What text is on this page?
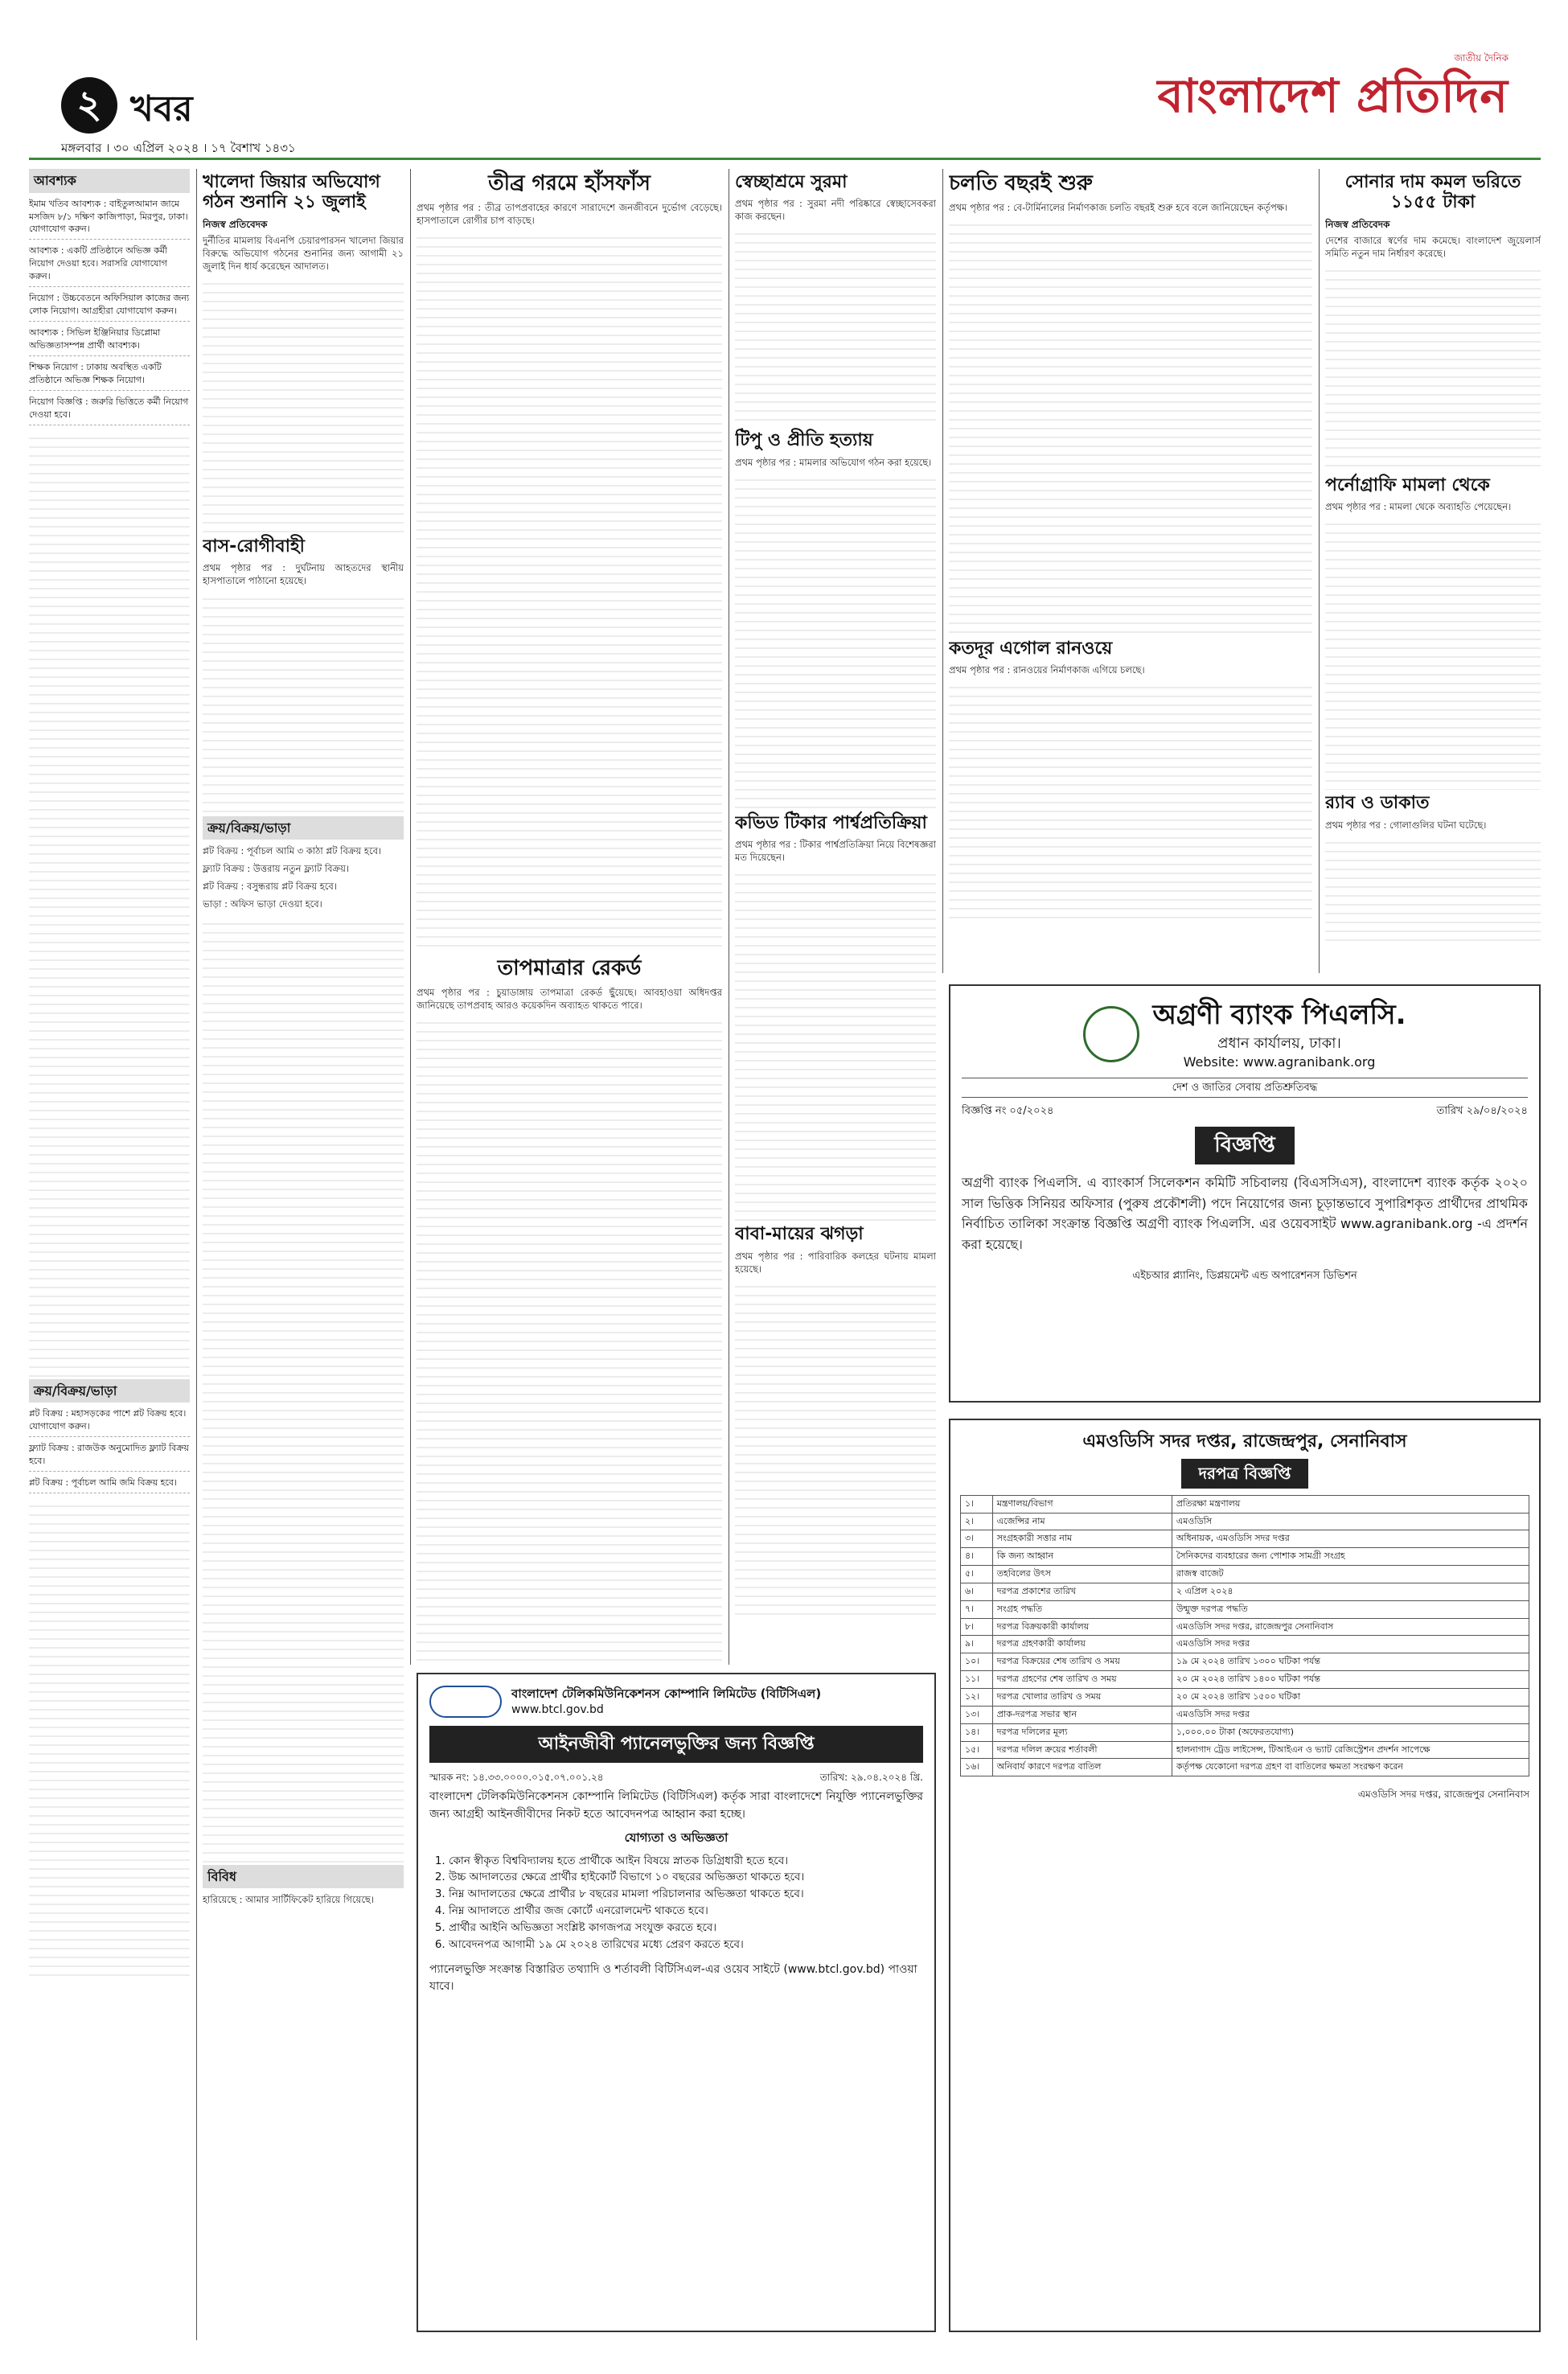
২ খবর
মঙ্গলবার । ৩০ এপ্রিল ২০২৪ । ১৭ বৈশাখ ১৪৩১
জাতীয় দৈনিক
বাংলাদেশ প্রতিদিন
আবশ্যক

ইমাম খতিব আবশ্যক : বাইতুলআমান জামে মসজিদ ৮/১ দক্ষিণ কাজিপাড়া, মিরপুর, ঢাকা। যোগাযোগ করুন।

আবশ্যক : একটি প্রতিষ্ঠানে অভিজ্ঞ কর্মী নিয়োগ দেওয়া হবে। সরাসরি যোগাযোগ করুন।

নিয়োগ : উচ্চবেতনে অফিসিয়াল কাজের জন্য লোক নিয়োগ। আগ্রহীরা যোগাযোগ করুন।

আবশ্যক : সিভিল ইঞ্জিনিয়ার ডিপ্লোমা অভিজ্ঞতাসম্পন্ন প্রার্থী আবশ্যক।

শিক্ষক নিয়োগ : ঢাকায় অবস্থিত একটি প্রতিষ্ঠানে অভিজ্ঞ শিক্ষক নিয়োগ।

নিয়োগ বিজ্ঞপ্তি : জরুরি ভিত্তিতে কর্মী নিয়োগ দেওয়া হবে।

ক্রয়/বিক্রয়/ভাড়া

প্লট বিক্রয় : মহাসড়কের পাশে প্লট বিক্রয় হবে। যোগাযোগ করুন।

ফ্ল্যাট বিক্রয় : রাজউক অনুমোদিত ফ্ল্যাট বিক্রয় হবে।

প্লট বিক্রয় : পূর্বাচল আমি জমি বিক্রয় হবে।

খালেদা জিয়ার অভিযোগ গঠন শুনানি ২১ জুলাই
নিজস্ব প্রতিবেদক
দুর্নীতির মামলায় বিএনপি চেয়ারপারসন খালেদা জিয়ার বিরুদ্ধে অভিযোগ গঠনের শুনানির জন্য আগামী ২১ জুলাই দিন ধার্য করেছেন আদালত।
বাস-রোগীবাহী
প্রথম পৃষ্ঠার পর : দুর্ঘটনায় আহতদের স্থানীয় হাসপাতালে পাঠানো হয়েছে।
ক্রয়/বিক্রয়/ভাড়া

প্লট বিক্রয় : পূর্বাচল আমি ৩ কাঠা প্লট বিক্রয় হবে।

ফ্ল্যাট বিক্রয় : উত্তরায় নতুন ফ্ল্যাট বিক্রয়।

প্লট বিক্রয় : বসুন্ধরায় প্লট বিক্রয় হবে।

ভাড়া : অফিস ভাড়া দেওয়া হবে।

বিবিধ

হারিয়েছে : আমার সার্টিফিকেট হারিয়ে গিয়েছে।

তীব্র গরমে হাঁসফাঁস
প্রথম পৃষ্ঠার পর : তীব্র তাপপ্রবাহের কারণে সারাদেশে জনজীবনে দুর্ভোগ বেড়েছে। হাসপাতালে রোগীর চাপ বাড়ছে।
তাপমাত্রার রেকর্ড
প্রথম পৃষ্ঠার পর : চুয়াডাঙ্গায় তাপমাত্রা রেকর্ড ছুঁয়েছে। আবহাওয়া অধিদপ্তর জানিয়েছে তাপপ্রবাহ আরও কয়েকদিন অব্যাহত থাকতে পারে।
স্বেচ্ছাশ্রমে সুরমা
প্রথম পৃষ্ঠার পর : সুরমা নদী পরিষ্কারে স্বেচ্ছাসেবকরা কাজ করছেন।
টিপু ও প্রীতি হত্যায়
প্রথম পৃষ্ঠার পর : মামলার অভিযোগ গঠন করা হয়েছে।
কভিড টিকার পার্শ্বপ্রতিক্রিয়া
প্রথম পৃষ্ঠার পর : টিকার পার্শ্বপ্রতিক্রিয়া নিয়ে বিশেষজ্ঞরা মত দিয়েছেন।
বাবা-মায়ের ঝগড়া
প্রথম পৃষ্ঠার পর : পারিবারিক কলহের ঘটনায় মামলা হয়েছে।
চলতি বছরই শুরু
প্রথম পৃষ্ঠার পর : বে-টার্মিনালের নির্মাণকাজ চলতি বছরই শুরু হবে বলে জানিয়েছেন কর্তৃপক্ষ।
কতদূর এগোল রানওয়ে
প্রথম পৃষ্ঠার পর : রানওয়ের নির্মাণকাজ এগিয়ে চলছে।
সোনার দাম কমল ভরিতে ১১৫৫ টাকা
নিজস্ব প্রতিবেদক
দেশের বাজারে স্বর্ণের দাম কমেছে। বাংলাদেশ জুয়েলার্স সমিতি নতুন দাম নির্ধারণ করেছে।
পর্নোগ্রাফি মামলা থেকে
প্রথম পৃষ্ঠার পর : মামলা থেকে অব্যাহতি পেয়েছেন।
র‌্যাব ও ডাকাত
প্রথম পৃষ্ঠার পর : গোলাগুলির ঘটনা ঘটেছে।
অগ্রণী ব্যাংক পিএলসি.
প্রধান কার্যালয়, ঢাকা।
Website: www.agranibank.org
দেশ ও জাতির সেবায় প্রতিশ্রুতিবদ্ধ
বিজ্ঞপ্তি নং ০৫/২০২৪	তারিখ ২৯/০৪/২০২৪
বিজ্ঞপ্তি
অগ্রণী ব্যাংক পিএলসি. এ ব্যাংকার্স সিলেকশন কমিটি সচিবালয় (বিএসসিএস), বাংলাদেশ ব্যাংক কর্তৃক ২০২০ সাল ভিত্তিক সিনিয়র অফিসার (পুরুষ প্রকৌশলী) পদে নিয়োগের জন্য চূড়ান্তভাবে সুপারিশকৃত প্রার্থীদের প্রাথমিক নির্বাচিত তালিকা সংক্রান্ত বিজ্ঞপ্তি অগ্রণী ব্যাংক পিএলসি. এর ওয়েবসাইট www.agranibank.org -এ প্রদর্শন করা হয়েছে।
এইচআর প্ল্যানিং, ডিপ্লয়মেন্ট এন্ড অপারেশনস ডিভিশন
বাংলাদেশ টেলিকমিউনিকেশনস কোম্পানি লিমিটেড (বিটিসিএল)
www.btcl.gov.bd
আইনজীবী প্যানেলভুক্তির জন্য বিজ্ঞপ্তি
স্মারক নং: ১৪.৩৩.০০০০.০১৫.০৭.০০১.২৪	তারিখ: ২৯.০৪.২০২৪ খ্রি.
বাংলাদেশ টেলিকমিউনিকেশনস কোম্পানি লিমিটেড (বিটিসিএল) কর্তৃক সারা বাংলাদেশে নিযুক্তি প্যানেলভুক্তির জন্য আগ্রহী আইনজীবীদের নিকট হতে আবেদনপত্র আহ্বান করা হচ্ছে।
যোগ্যতা ও অভিজ্ঞতা
1. কোন স্বীকৃত বিশ্ববিদ্যালয় হতে প্রার্থীকে আইন বিষয়ে স্নাতক ডিগ্রিধারী হতে হবে।
2. উচ্চ আদালতের ক্ষেত্রে প্রার্থীর হাইকোর্ট বিভাগে ১০ বছরের অভিজ্ঞতা থাকতে হবে।
3. নিম্ন আদালতের ক্ষেত্রে প্রার্থীর ৮ বছরের মামলা পরিচালনার অভিজ্ঞতা থাকতে হবে।
4. নিম্ন আদালতে প্রার্থীর জজ কোর্টে এনরোলমেন্ট থাকতে হবে।
5. প্রার্থীর আইনি অভিজ্ঞতা সংশ্লিষ্ট কাগজপত্র সংযুক্ত করতে হবে।
6. আবেদনপত্র আগামী ১৯ মে ২০২৪ তারিখের মধ্যে প্রেরণ করতে হবে।
প্যানেলভুক্তি সংক্রান্ত বিস্তারিত তথ্যাদি ও শর্তাবলী বিটিসিএল-এর ওয়েব সাইটে (www.btcl.gov.bd) পাওয়া যাবে।
এমওডিসি সদর দপ্তর, রাজেন্দ্রপুর, সেনানিবাস
দরপত্র বিজ্ঞপ্তি
১।	মন্ত্রণালয়/বিভাগ	প্রতিরক্ষা মন্ত্রণালয়
২।	এজেন্সির নাম	এমওডিসি
৩।	সংগ্রহকারী সত্তার নাম	অধিনায়ক, এমওডিসি সদর দপ্তর
৪।	কি জন্য আহ্বান	সৈনিকদের ব্যবহারের জন্য পোশাক সামগ্রী সংগ্রহ
৫।	তহবিলের উৎস	রাজস্ব বাজেট
৬।	দরপত্র প্রকাশের তারিখ	২ এপ্রিল ২০২৪
৭।	সংগ্রহ পদ্ধতি	উন্মুক্ত দরপত্র পদ্ধতি
৮।	দরপত্র বিক্রয়কারী কার্যালয়	এমওডিসি সদর দপ্তর, রাজেন্দ্রপুর সেনানিবাস
৯।	দরপত্র গ্রহণকারী কার্যালয়	এমওডিসি সদর দপ্তর
১০।	দরপত্র বিক্রয়ের শেষ তারিখ ও সময়	১৯ মে ২০২৪ তারিখ ১৩০০ ঘটিকা পর্যন্ত
১১।	দরপত্র গ্রহণের শেষ তারিখ ও সময়	২০ মে ২০২৪ তারিখ ১৪০০ ঘটিকা পর্যন্ত
১২।	দরপত্র খোলার তারিখ ও সময়	২০ মে ২০২৪ তারিখ ১৫০০ ঘটিকা
১৩।	প্রাক-দরপত্র সভার স্থান	এমওডিসি সদর দপ্তর
১৪।	দরপত্র দলিলের মূল্য	১,০০০.০০ টাকা (অফেরতযোগ্য)
১৫।	দরপত্র দলিল ক্রয়ের শর্তাবলী	হালনাগাদ ট্রেড লাইসেন্স, টিআইএন ও ভ্যাট রেজিস্ট্রেশন প্রদর্শন সাপেক্ষে
১৬।	অনিবার্য কারণে দরপত্র বাতিল	কর্তৃপক্ষ যেকোনো দরপত্র গ্রহণ বা বাতিলের ক্ষমতা সংরক্ষণ করেন
এমওডিসি সদর দপ্তর, রাজেন্দ্রপুর সেনানিবাস
